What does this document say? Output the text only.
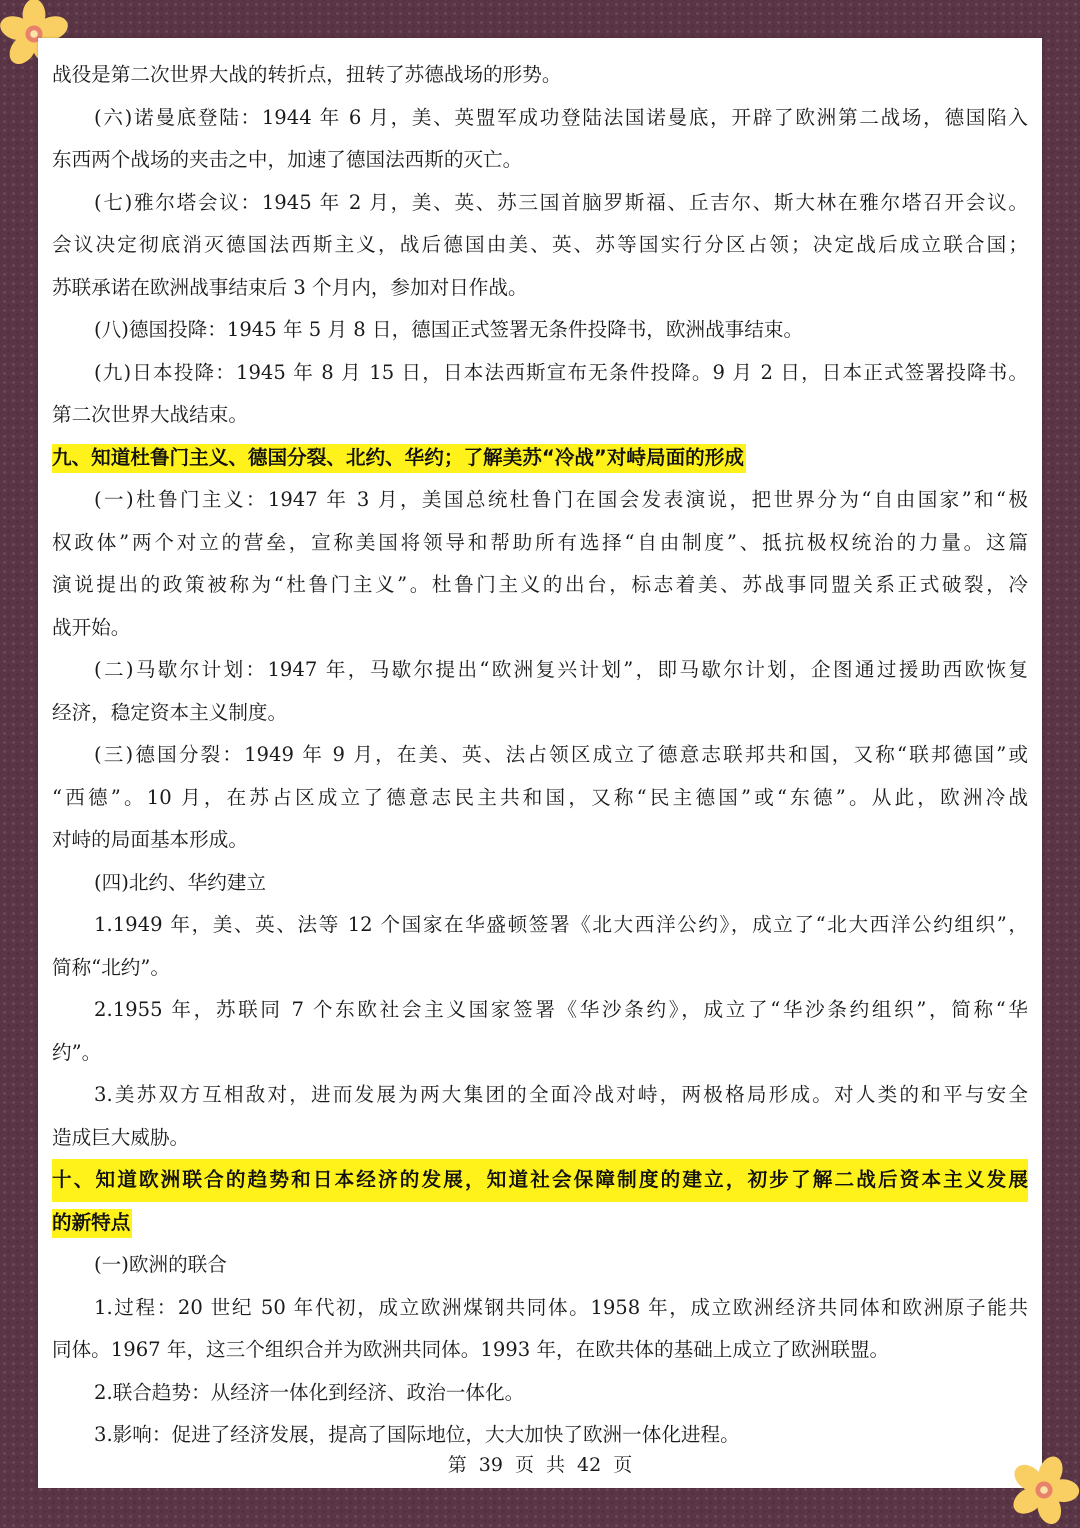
战役是第二次世界大战的转折点，扭转了苏德战场的形势。
(六)诺曼底登陆：1944 年 6 月，美、英盟军成功登陆法国诺曼底，开辟了欧洲第二战场，德国陷入
东西两个战场的夹击之中，加速了德国法西斯的灭亡。
(七)雅尔塔会议：1945 年 2 月，美、英、苏三国首脑罗斯福、丘吉尔、斯大林在雅尔塔召开会议。
会议决定彻底消灭德国法西斯主义，战后德国由美、英、苏等国实行分区占领；决定战后成立联合国；
苏联承诺在欧洲战事结束后 3 个月内，参加对日作战。
(八)德国投降：1945 年 5 月 8 日，德国正式签署无条件投降书，欧洲战事结束。
(九)日本投降：1945 年 8 月 15 日，日本法西斯宣布无条件投降。9 月 2 日，日本正式签署投降书。
第二次世界大战结束。
九、知道杜鲁门主义、德国分裂、北约、华约；了解美苏“冷战”对峙局面的形成
(一)杜鲁门主义：1947 年 3 月，美国总统杜鲁门在国会发表演说，把世界分为“自由国家”和“极
权政体”两个对立的营垒，宣称美国将领导和帮助所有选择“自由制度”、抵抗极权统治的力量。这篇
演说提出的政策被称为“杜鲁门主义”。杜鲁门主义的出台，标志着美、苏战事同盟关系正式破裂，冷
战开始。
(二)马歇尔计划：1947 年，马歇尔提出“欧洲复兴计划”，即马歇尔计划，企图通过援助西欧恢复
经济，稳定资本主义制度。
(三)德国分裂：1949 年 9 月，在美、英、法占领区成立了德意志联邦共和国，又称“联邦德国”或
“西德”。10 月，在苏占区成立了德意志民主共和国，又称“民主德国”或“东德”。从此，欧洲冷战
对峙的局面基本形成。
(四)北约、华约建立
1.1949 年，美、英、法等 12 个国家在华盛顿签署《北大西洋公约》，成立了“北大西洋公约组织”，
简称“北约”。
2.1955 年，苏联同 7 个东欧社会主义国家签署《华沙条约》，成立了“华沙条约组织”，简称“华
约”。
3.美苏双方互相敌对，进而发展为两大集团的全面冷战对峙，两极格局形成。对人类的和平与安全
造成巨大威胁。
十、知道欧洲联合的趋势和日本经济的发展，知道社会保障制度的建立，初步了解二战后资本主义发展
的新特点
(一)欧洲的联合
1.过程：20 世纪 50 年代初，成立欧洲煤钢共同体。1958 年，成立欧洲经济共同体和欧洲原子能共
同体。1967 年，这三个组织合并为欧洲共同体。1993 年，在欧共体的基础上成立了欧洲联盟。
2.联合趋势：从经济一体化到经济、政治一体化。
3.影响：促进了经济发展，提高了国际地位，大大加快了欧洲一体化进程。
第 39 页 共 42 页
